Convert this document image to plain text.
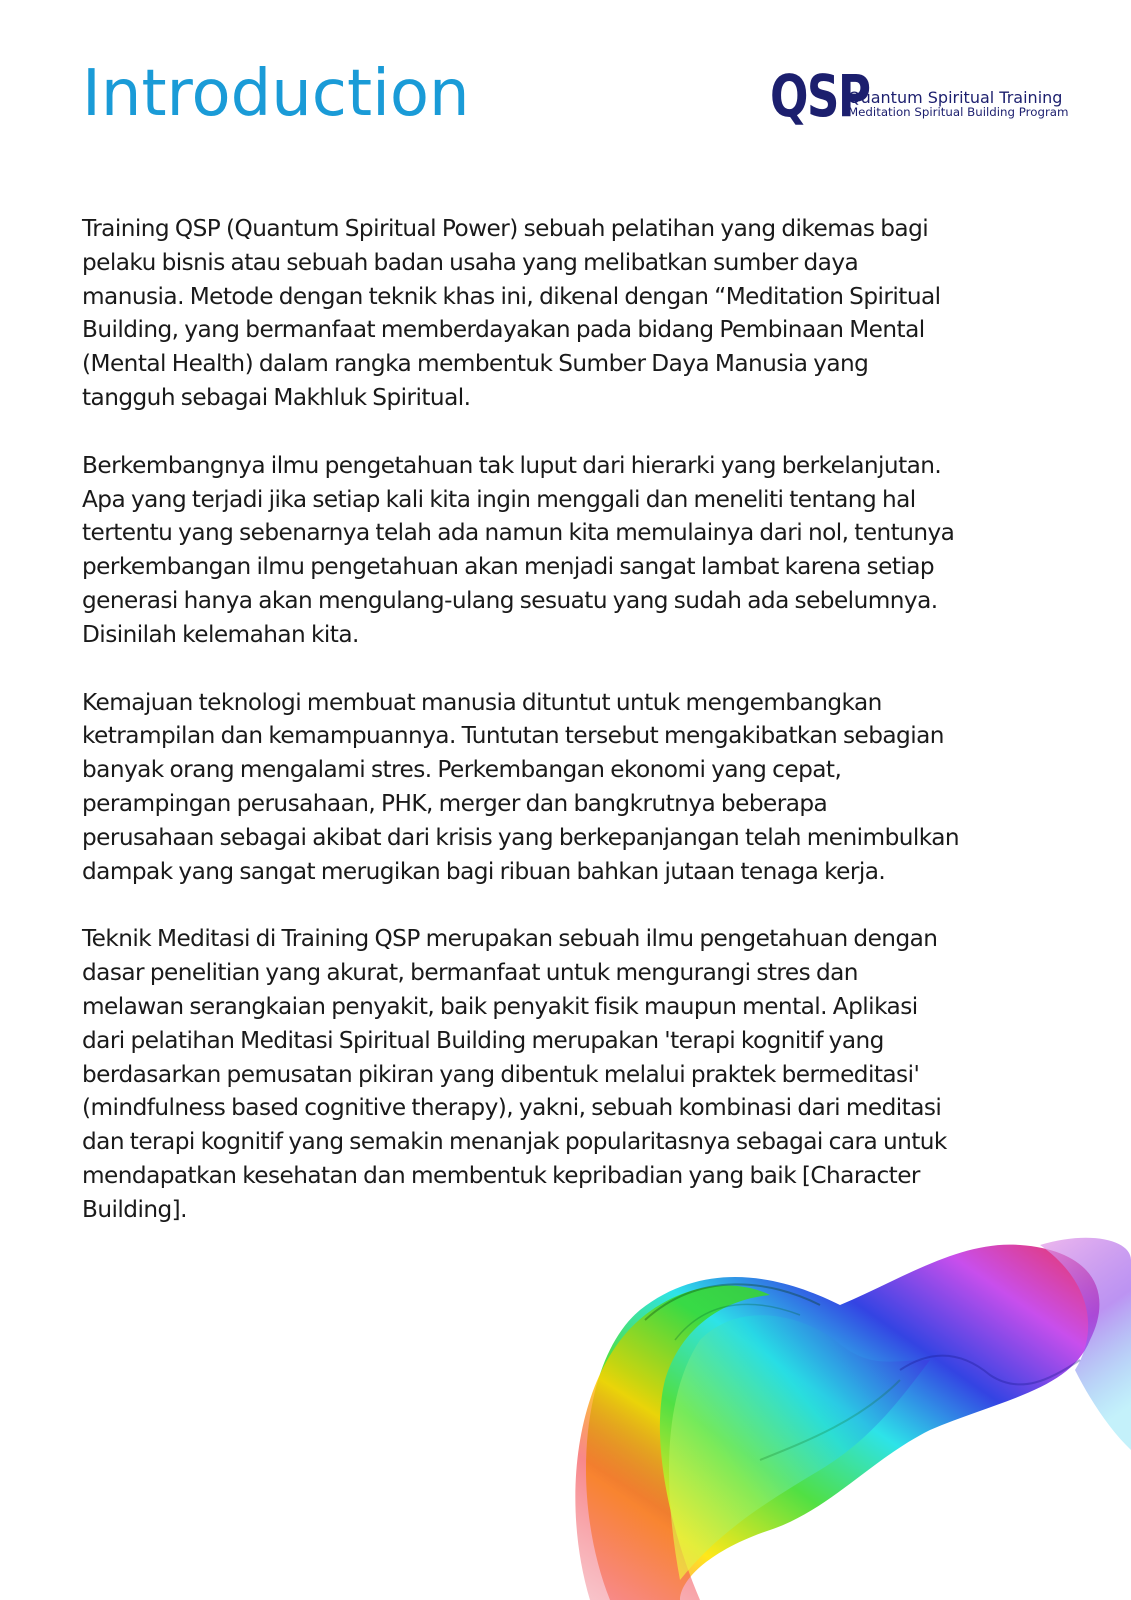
Introduction	QSP
Quantum Spiritual Training
Meditation Spiritual Building Program

Training QSP (Quantum Spiritual Power) sebuah pelatihan yang dikemas bagi
pelaku bisnis atau sebuah badan usaha yang melibatkan sumber daya
manusia. Metode dengan teknik khas ini, dikenal dengan “Meditation Spiritual
Building, yang bermanfaat memberdayakan pada bidang Pembinaan Mental
(Mental Health) dalam rangka membentuk Sumber Daya Manusia yang
tangguh sebagai Makhluk Spiritual.

Berkembangnya ilmu pengetahuan tak luput dari hierarki yang berkelanjutan.
Apa yang terjadi jika setiap kali kita ingin menggali dan meneliti tentang hal
tertentu yang sebenarnya telah ada namun kita memulainya dari nol, tentunya
perkembangan ilmu pengetahuan akan menjadi sangat lambat karena setiap
generasi hanya akan mengulang-ulang sesuatu yang sudah ada sebelumnya.
Disinilah kelemahan kita.

Kemajuan teknologi membuat manusia dituntut untuk mengembangkan
ketrampilan dan kemampuannya. Tuntutan tersebut mengakibatkan sebagian
banyak orang mengalami stres. Perkembangan ekonomi yang cepat,
perampingan perusahaan, PHK, merger dan bangkrutnya beberapa
perusahaan sebagai akibat dari krisis yang berkepanjangan telah menimbulkan
dampak yang sangat merugikan bagi ribuan bahkan jutaan tenaga kerja.

Teknik Meditasi di Training QSP merupakan sebuah ilmu pengetahuan dengan
dasar penelitian yang akurat, bermanfaat untuk mengurangi stres dan
melawan serangkaian penyakit, baik penyakit fisik maupun mental. Aplikasi
dari pelatihan Meditasi Spiritual Building merupakan 'terapi kognitif yang
berdasarkan pemusatan pikiran yang dibentuk melalui praktek bermeditasi'
(mindfulness based cognitive therapy), yakni, sebuah kombinasi dari meditasi
dan terapi kognitif yang semakin menanjak popularitasnya sebagai cara untuk
mendapatkan kesehatan dan membentuk kepribadian yang baik [Character
Building].
